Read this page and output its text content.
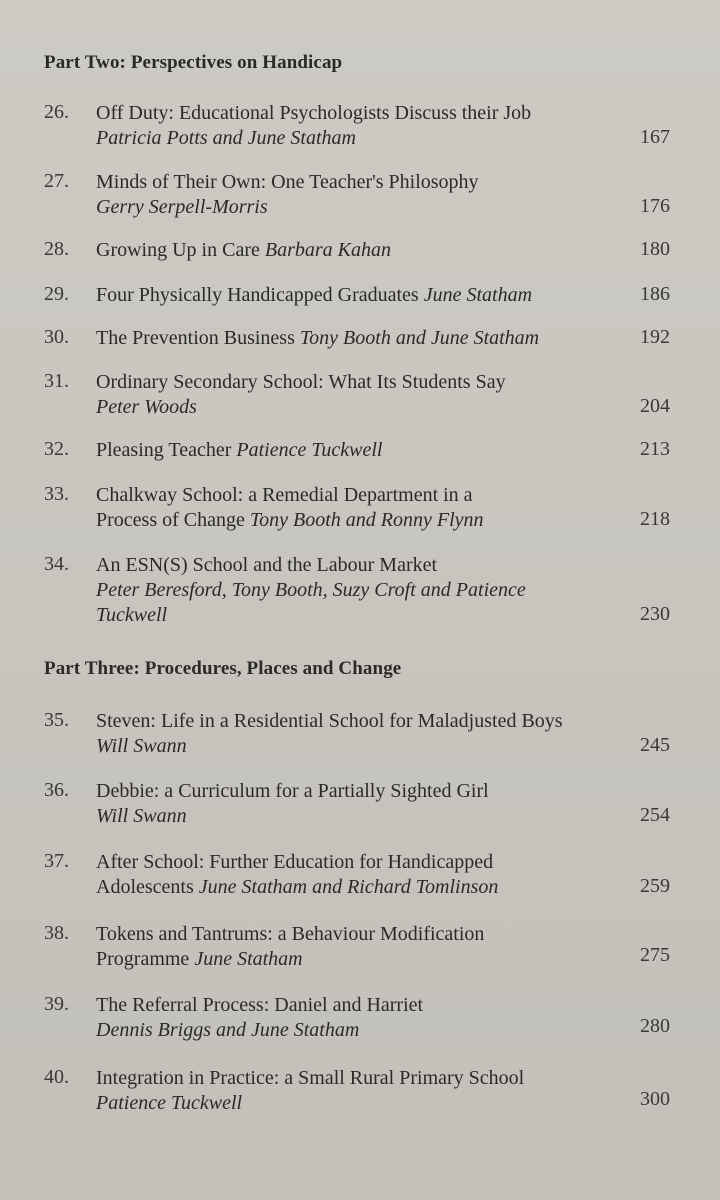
Part Two: Perspectives on Handicap
26. Off Duty: Educational Psychologists Discuss their Job
Patricia Potts and June Statham	167
27. Minds of Their Own: One Teacher's Philosophy
Gerry Serpell-Morris	176
28. Growing Up in Care Barbara Kahan	180
29. Four Physically Handicapped Graduates June Statham	186
30. The Prevention Business Tony Booth and June Statham	192
31. Ordinary Secondary School: What Its Students Say
Peter Woods	204
32. Pleasing Teacher Patience Tuckwell	213
33. Chalkway School: a Remedial Department in a Process of Change Tony Booth and Ronny Flynn	218
34. An ESN(S) School and the Labour Market
Peter Beresford, Tony Booth, Suzy Croft and Patience Tuckwell	230
Part Three: Procedures, Places and Change
35. Steven: Life in a Residential School for Maladjusted Boys Will Swann	245
36. Debbie: a Curriculum for a Partially Sighted Girl
Will Swann	254
37. After School: Further Education for Handicapped Adolescents June Statham and Richard Tomlinson	259
38. Tokens and Tantrums: a Behaviour Modification Programme June Statham	275
39. The Referral Process: Daniel and Harriet
Dennis Briggs and June Statham	280
40. Integration in Practice: a Small Rural Primary School
Patience Tuckwell	300
